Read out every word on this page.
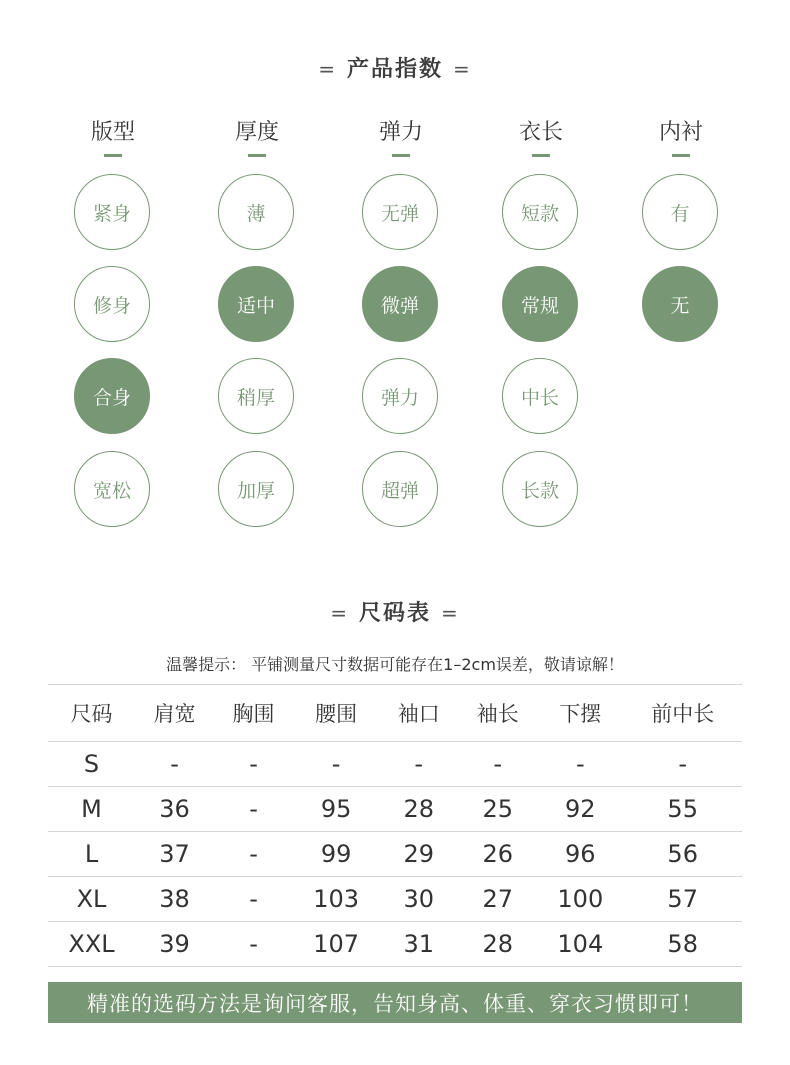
= 产品指数 =
版型
紧身
修身
合身
宽松
厚度
薄
适中
稍厚
加厚
弹力
无弹
微弹
弹力
超弹
衣长
短款
常规
中长
长款
内衬
有
无
= 尺码表 =
温馨提示： 平铺测量尺寸数据可能存在1–2cm误差，敬请谅解！
尺码	肩宽	胸围	腰围	袖口	袖长	下摆	前中长
S	-	-	-	-	-	-	-
M	36	-	95	28	25	92	55
L	37	-	99	29	26	96	56
XL	38	-	103	30	27	100	57
XXL	39	-	107	31	28	104	58
精准的选码方法是询问客服，告知身高、体重、穿衣习惯即可！
